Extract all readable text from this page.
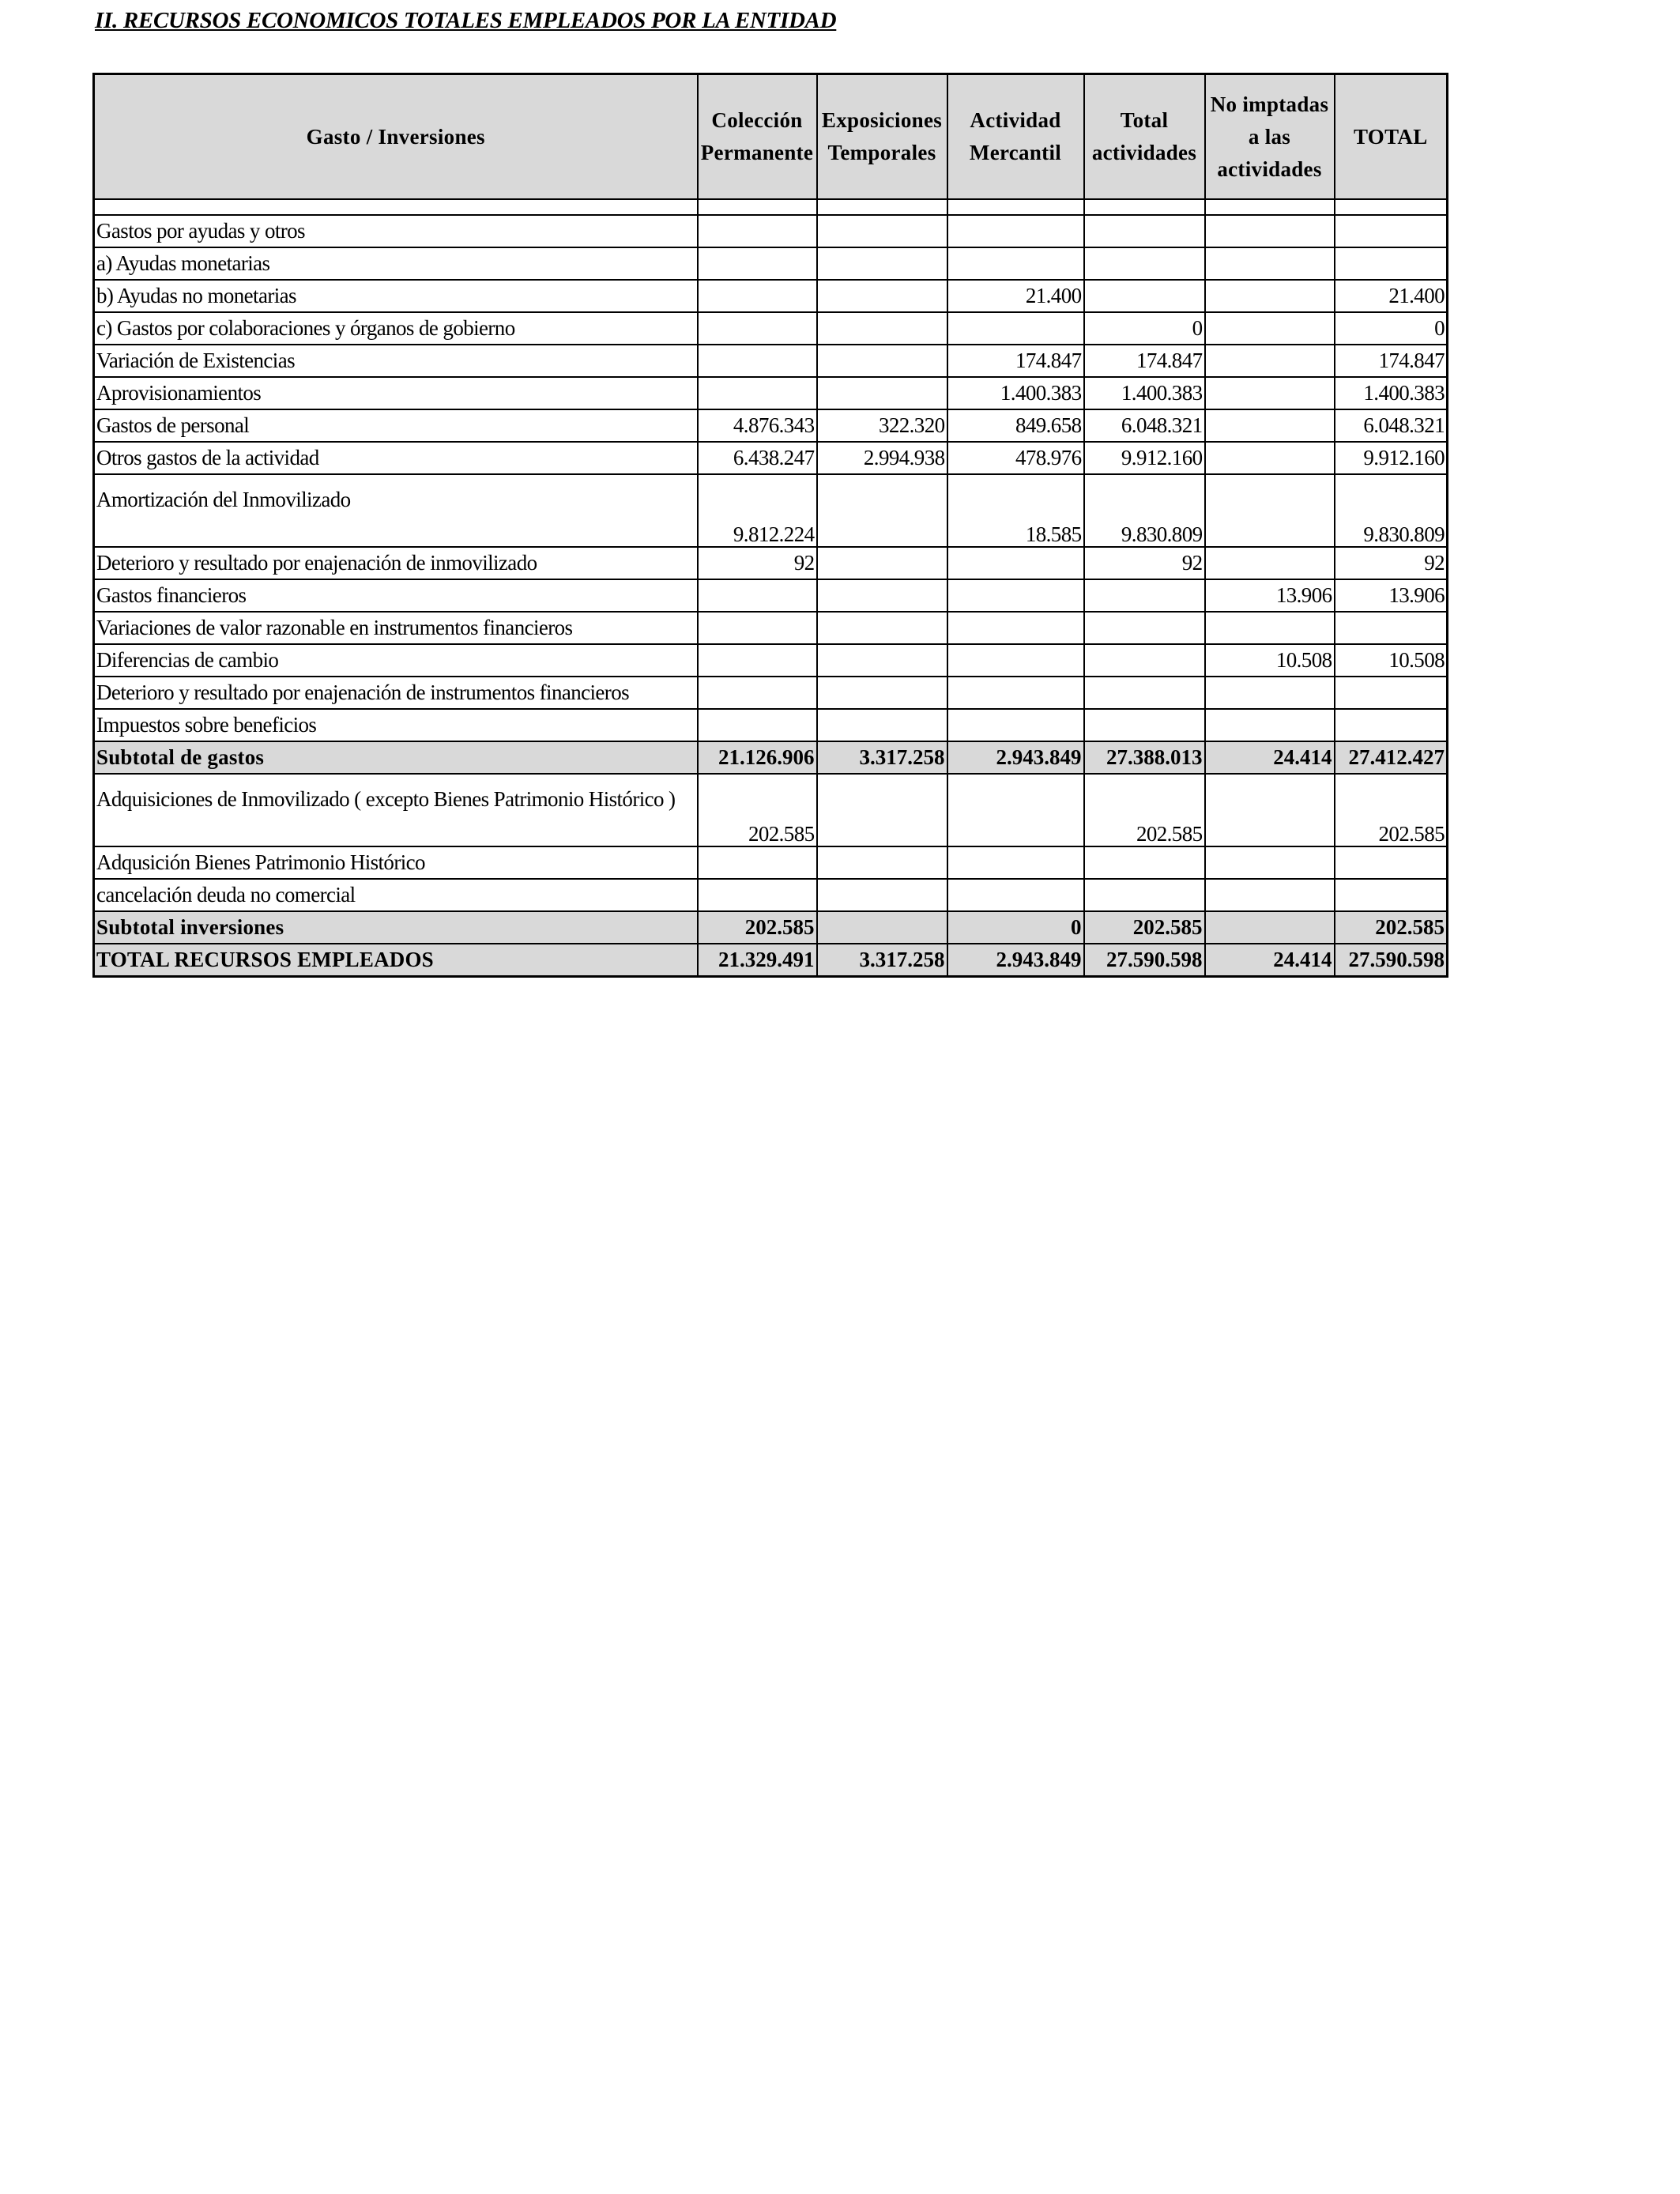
II. RECURSOS ECONOMICOS TOTALES EMPLEADOS POR LA ENTIDAD
Gasto / Inversiones	Colección Permanente	Exposiciones Temporales	Actividad Mercantil	Total actividades	No imptadas a las actividades	TOTAL

Gastos por ayudas y otros						
a) Ayudas monetarias						
b) Ayudas no monetarias			21.400			21.400
c) Gastos por colaboraciones y órganos de gobierno				0		0
Variación de Existencias			174.847	174.847		174.847
Aprovisionamientos			1.400.383	1.400.383		1.400.383
Gastos de personal	4.876.343	322.320	849.658	6.048.321		6.048.321
Otros gastos de la actividad	6.438.247	2.994.938	478.976	9.912.160		9.912.160
Amortización del Inmovilizado	9.812.224		18.585	9.830.809		9.830.809
Deterioro y resultado por enajenación de inmovilizado	92			92		92
Gastos financieros					13.906	13.906
Variaciones de valor razonable en instrumentos financieros						
Diferencias de cambio					10.508	10.508
Deterioro y resultado por enajenación de instrumentos financieros						
Impuestos sobre beneficios						
Subtotal de gastos	21.126.906	3.317.258	2.943.849	27.388.013	24.414	27.412.427
Adquisiciones de Inmovilizado ( excepto Bienes Patrimonio Histórico )	202.585			202.585		202.585
Adqusición Bienes Patrimonio Histórico						
cancelación deuda no comercial						
Subtotal inversiones	202.585		0	202.585		202.585
TOTAL RECURSOS EMPLEADOS	21.329.491	3.317.258	2.943.849	27.590.598	24.414	27.590.598
